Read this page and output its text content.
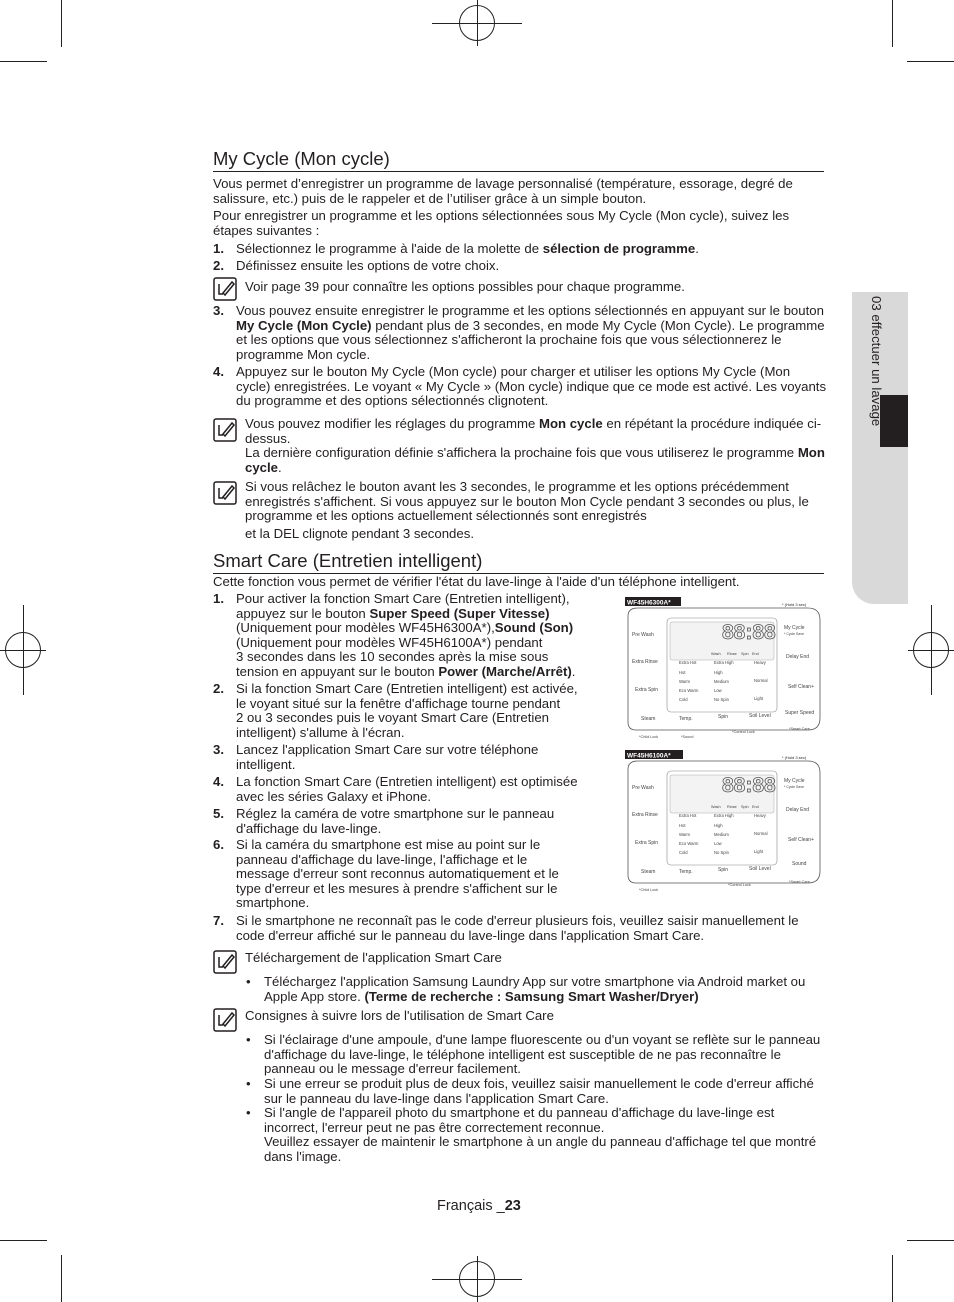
03 effectuer un lavage
My Cycle (Mon cycle)
Vous permet d’enregistrer un programme de lavage personnalisé (température, essorage, degré de salissure, etc.) puis de le rappeler et de l’utiliser grâce à un simple bouton.
Pour enregistrer un programme et les options sélectionnées sous My Cycle (Mon cycle), suivez les étapes suivantes :
1. Sélectionnez le programme à l'aide de la molette de sélection de programme.
2. Définissez ensuite les options de votre choix.
Voir page 39 pour connaître les options possibles pour chaque programme.
3. Vous pouvez ensuite enregistrer le programme et les options sélectionnés en appuyant sur le bouton My Cycle (Mon Cycle) pendant plus de 3 secondes, en mode My Cycle (Mon Cycle). Le programme et les options que vous sélectionnez s'afficheront la prochaine fois que vous sélectionnerez le programme Mon cycle.
4. Appuyez sur le bouton My Cycle (Mon cycle) pour charger et utiliser les options My Cycle (Mon cycle) enregistrées. Le voyant « My Cycle » (Mon cycle) indique que ce mode est activé. Les voyants du programme et des options sélectionnés clignotent.
Vous pouvez modifier les réglages du programme Mon cycle en répétant la procédure indiquée ci-dessus.
La dernière configuration définie s'affichera la prochaine fois que vous utiliserez le programme Mon cycle.
Si vous relâchez le bouton avant les 3 secondes, le programme et les options précédemment enregistrés s'affichent. Si vous appuyez sur le bouton Mon Cycle pendant 3 secondes ou plus, le programme et les options actuellement sélectionnés sont enregistrés
et la DEL clignote pendant 3 secondes.
Smart Care (Entretien intelligent)
Cette fonction vous permet de vérifier l'état du lave-linge à l'aide d'un téléphone intelligent.
1. Pour activer la fonction Smart Care (Entretien intelligent),
appuyez sur le bouton Super Speed (Super Vitesse)
(Uniquement pour modèles WF45H6300A*),Sound (Son)
(Uniquement pour modèles WF45H6100A*) pendant
3 secondes dans les 10 secondes après la mise sous
tension en appuyant sur le bouton Power (Marche/Arrêt).
2. Si la fonction Smart Care (Entretien intelligent) est activée,
le voyant situé sur la fenêtre d'affichage tourne pendant
2 ou 3 secondes puis le voyant Smart Care (Entretien
intelligent) s'allume à l'écran.
3. Lancez l'application Smart Care sur votre téléphone
intelligent.
4. La fonction Smart Care (Entretien intelligent) est optimisée
avec les séries Galaxy et iPhone.
5. Réglez la caméra de votre smartphone sur le panneau
d'affichage du lave-linge.
6. Si la caméra du smartphone est mise au point sur le
panneau d'affichage du lave-linge, l'affichage et le
message d'erreur sont reconnus automatiquement et le
type d'erreur et les mesures à prendre s'affichent sur le
smartphone.
7. Si le smartphone ne reconnaît pas le code d'erreur plusieurs fois, veuillez saisir manuellement le code d'erreur affiché sur le panneau du lave-linge dans l'application Smart Care.
Téléchargement de l'application Smart Care
• Téléchargez l'application Samsung Laundry App sur votre smartphone via Android market ou Apple App store. (Terme de recherche : Samsung Smart Washer/Dryer)
Consignes à suivre lors de l'utilisation de Smart Care
• Si l'éclairage d'une ampoule, d'une lampe fluorescente ou d'un voyant se reflète sur le panneau d'affichage du lave-linge, le téléphone intelligent est susceptible de ne pas reconnaître le panneau ou le message d'erreur facilement.
• Si une erreur se produit plus de deux fois, veuillez saisir manuellement le code d'erreur affiché sur le panneau du lave-linge dans l'application Smart Care.
• Si l'angle de l'appareil photo du smartphone et du panneau d'affichage du lave-linge est incorrect, l'erreur peut ne pas être correctement reconnue.
Veuillez essayer de maintenir le smartphone à un angle du panneau d'affichage tel que montré dans l'image.
WF45H6300A*	* (Hold 3 sec)
88:88
Wash Rinse Spin End
Pre Wash
Extra Rinse
Extra Spin
Steam
Extra Hot
Hot
Warm
Eco Warm
Cold
Extra High
High
Medium
Low
No Spin
Heavy
Normal
Light
Temp.	Spin	Soil Level
My Cycle
* Cycle Save
Delay End
Self Clean+
Super Speed
*Child Lock	*Sound
*Control Lock
*Smart Care
WF45H6100A*	* (Hold 3 sec)
88:88
Wash Rinse Spin End
Pre Wash
Extra Rinse
Extra Spin
Steam
Extra Hot
Hot
Warm
Eco Warm
Cold
Extra High
High
Medium
Low
No Spin
Heavy
Normal
Light
Temp.	Spin	Soil Level
My Cycle
* Cycle Save
Delay End
Self Clean+
Sound
*Child Lock
*Control Lock
*Smart Care
Français _23
